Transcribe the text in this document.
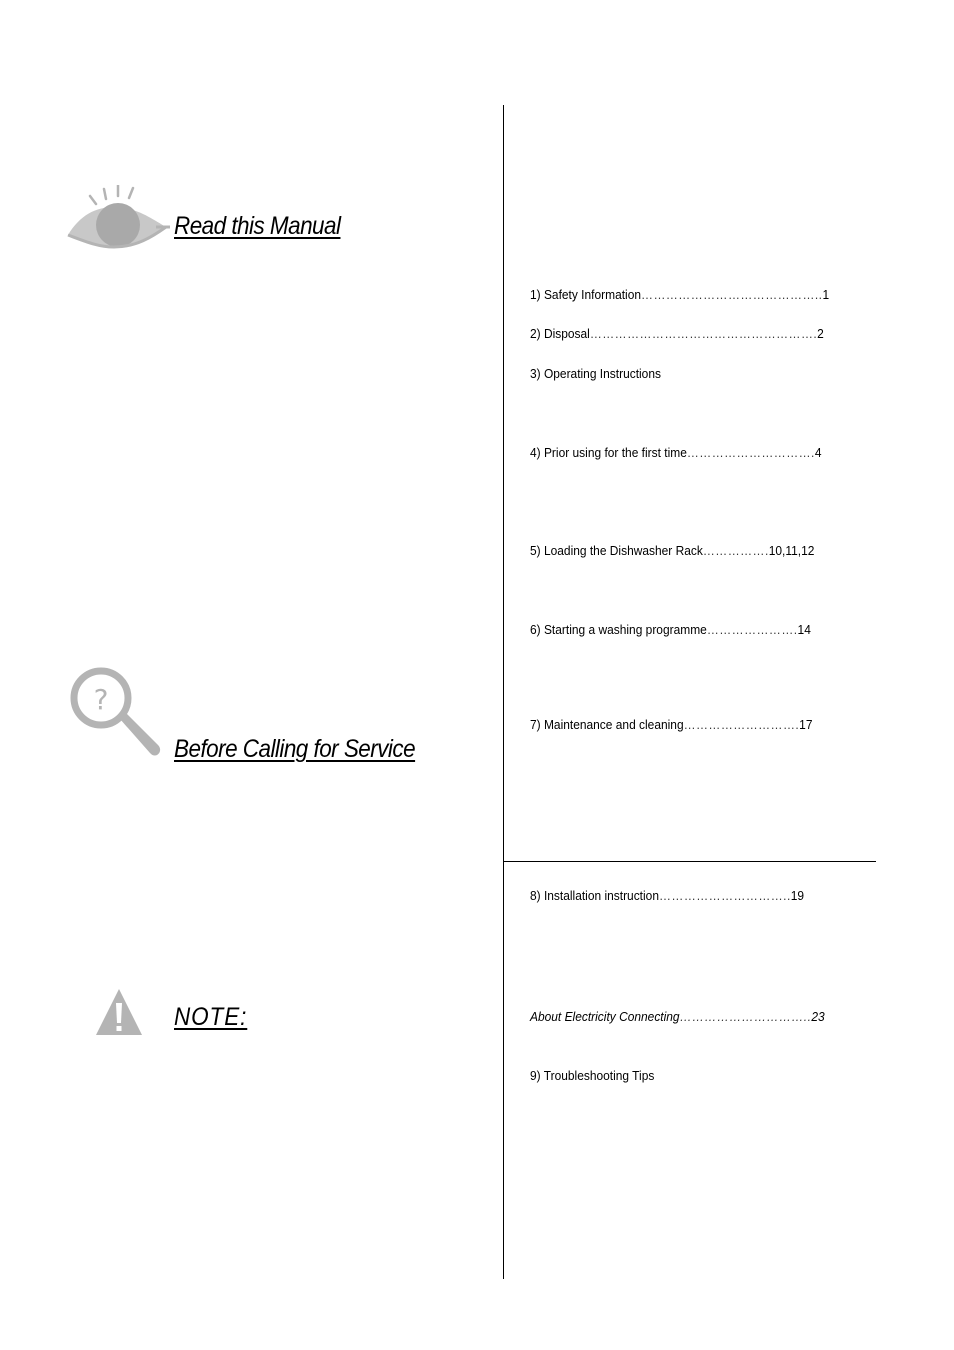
Read this Manual
?
Before Calling for Service
NOTE:
1) Safety Information……………………………………..1
2) Disposal……………………………………………….2
3) Operating Instructions
4) Prior using for the first time………………………….4
5) Loading the Dishwasher Rack…………….10,11,12
6) Starting a washing programme………………….14
7) Maintenance and cleaning……………………….17
8) Installation instruction…………………………..19
About Electricity Connecting…………………………..23
9) Troubleshooting Tips
